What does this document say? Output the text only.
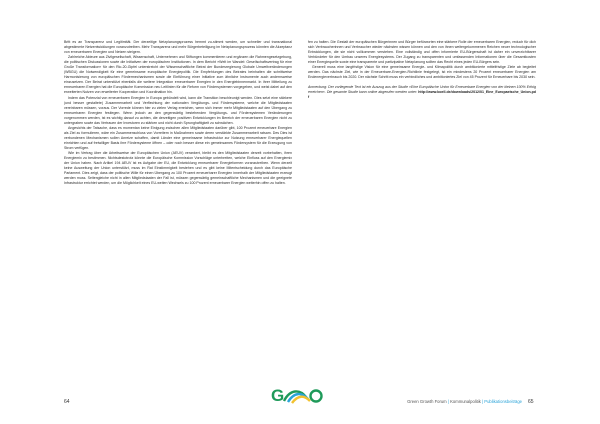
Britt es an Transparenz und Legitimität. Der derzeitige Netzplanungsprozess hemmt zu-stimmt werden, um schneller und transnational abgestimmte Netzentwicklungen voranzutreiben. Mehr Transparenz und mehr Bürgerbeteiligung im Netzplanungsprozess könnten die Akzeptanz von erneuerbaren Energien und Netzen steigern.

Zahlreiche Akteure aus Zivilgesellschaft, Wissenschaft, Unternehmen und Stiftungen kommentieren und ergänzen die Rahmengesetzgebung, die politischen Diskussionen sowie die Initiativen der europäischen Institutionen. In dem Bericht »Welt im Wandel: Gesellschaftsvertrag für eine Große Transformation« für den Rio-20-Gipfel unterstreicht der Wissenschaftliche Beirat der Bundesregierung Globale Umweltveränderungen (WBGU) die Notwendigkeit für eine gemeinsame europäische Energiepolitik. Die Empfehlungen des Beirates beinhalten die schrittweise Harmonisierung von europäischen Fördermechanismen sowie die Einführung einer Initiative zum ähnliche Instrumente auch andernsweise einzusetzen. Der Beirat unterstützt ebenfalls die weitere Integration erneuerbarer Energien in den Energiebinnenmarkt. In ihrer Mitteilung zu erneuerbaren Energien hat die Europäische Kommission neu Leitlinien für die Reform von Fördersystemen vorgegeben, und weist dabei auf den erweiterten Nutzen von erweiterter Kooperation und Koordination hin.

Indem das Potenzial von erneuerbaren Energien in Europa gebündelt wird, kann die Transition beschleunigt werden. Dies setzt eine stärkere (und besser gestaltete) Zusammenarbeit und Verflechtung der nationalen Vergütungs- und Fördersysteme, welche die Mitgliedstaaten vereinbaren müssen, voraus. Der Vorrede können hier zu zielen Verlag erreichen, wenn sich immer mehr Mitgliedstaaten auf den Übergang zu erneuerbaren Energien festlegen. Wenn jedoch an den gegenwärtig bestehenden Vergütungs- und Fördersystemen Veränderungen vorgenommen werden, ist es wichtig darauf zu achten, die derzeitigen positiven Entwicklungen im Bereich der erneuerbaren Energien nicht zu untergraben sowie das Vertrauen der Investoren zu stärken und nicht durch Sprunghaftigkeit zu schwächen.

Angesichts der Tatsache, dass es momentan keine Einigung zwischen allen Mitgliedstaaten darüber gibt, 100 Prozent erneuerbare Energien als Ziel zu formulieren, wäre ein Zusammenschluss von Vorreitern in Maßnahmen sowie deren verstärkte Zusammenarbeit ratsam. Des Dies ist verbundenen Mechanismen sollen Anreize schaffen, damit Länder eine gemeinsame Infrastruktur zur Nutzung erneuerbarer Energiequellen einrichten und auf freiwilliger Basis ihre Fördersysteme öffnen – oder noch besser diese ein gemeinsames Fördersystem für die Erzeugung von Strom verfügen.

Wie im Vertrag über die Arbeitsweise der Europäischen Union (AEUV) verankert, bleibt es den Mitgliedstaaten derzeit vorbehalten, ihren Energiemix zu bestimmen. Nichtsdestotrotz könnte die Europäische Kommission Vorschläge unterbreiten, welche Einfluss auf den Energiemix der Union haben. Nach Artikel 194 AEUV ist es Aufgabe der EU, die Entwicklung erneuerbarer Energieformen voranzutreiben. Wenn derzeit keine Ausweitung der Union unterstützt, muss im Rat Einstimmigkeit bestehen und es gibt keine Mitentscheidung durch das Europäische Parlament. Dies zeigt, dass der politische Wille für einen Übergang zu 100 Prozent erneuerbarer Energien innerhalb der Mitgliedstaaten erzeugt werden muss. Seitengleiche nicht in allen Mitgliedstaaten der Fall ist, müssen gegenwärtig gemeinschaftliche Mechanismen und die geeignete Infrastruktur errichtet werden, um die Möglichkeit eines EU-weiten Wechsels zu 100 Prozent erneuerbarer Energien weiterhin offen zu halten.

fen zu halten. Die Gestalt der europäischen Bürgerinnen und Bürger befürworten eine stärkere Rolle der erneuerbaren Energien, reduch für dich sich Verbraucherinnen und Verbraucher wieder nächsten wissen können und den von ihnen weitergekommenen Reichen neuer technologischer Entwicklungen, die sie nicht vollkommen verstehen. Eine vollständig und offen informierte EU-Bürgerschaft ist daher ein unverzichtbarer Verbündeter für den Umbau unseres Energiesystems. Der Zugang zu transparenten und umfassenden Informationen über die Gesamtkosten einer Energiequelle sowie eine transparente und partizipative Netzplanung sollten das Recht eines jeden EU-Bürgers sein.

Generell muss eine langfristige Vision für eine gemeinsame Energie- und Klimapolitik durch ambitionierte mittelfristige Ziele ab begleitet werden. Das nächste Ziel, wie in der Erneuerbare-Energien-Richtlinie festgelegt, ist ein mindestens 20 Prozent erneuerbarer Energien am Endenergieverbrauch bis 2020. Der nächste Schritt muss ein verbindliches und ambitioniertes Ziel von 45 Prozent für Erneuerbare bis 2030 sein.

Anmerkung: Der vorliegende Text ist ein Auszug aus der Studie »Eine Europäische Union für Erneuerbare Energien von der kleinen 100% Erfolg erreichen«. Die gesamte Studie kann online abgerufen werden unter: http://www.boell.de/downloads/2012/01_Eine_Europaeische_Union.pdf

G
64	Green Growth Forum | Kommunalpolitik | Publikationsbeiträge 65
